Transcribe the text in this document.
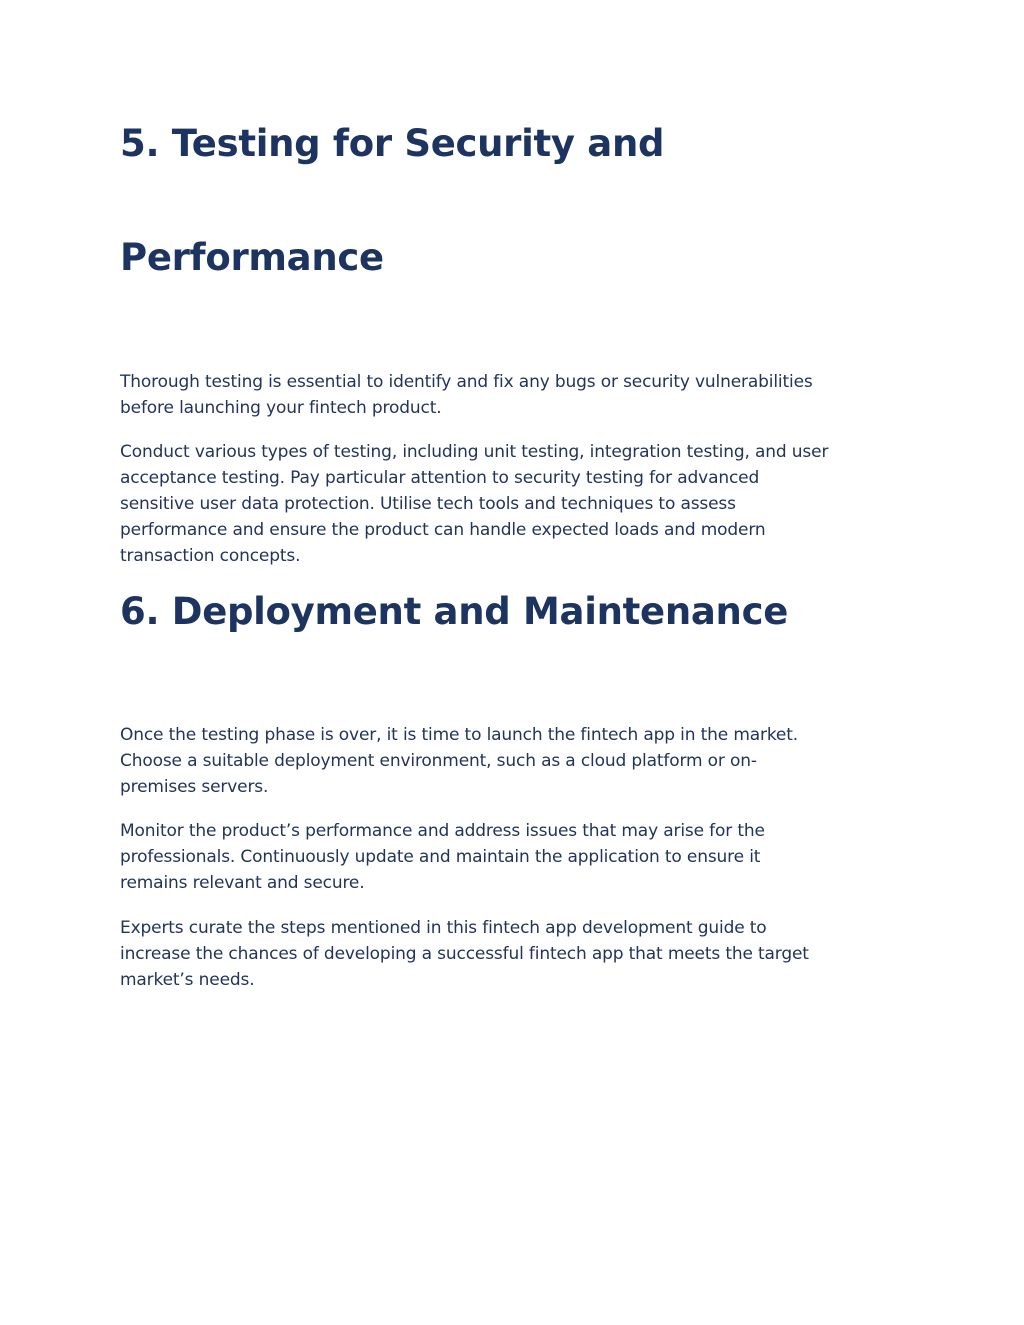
5. Testing for Security and
Performance

Thorough testing is essential to identify and fix any bugs or security vulnerabilities
before launching your fintech product.

Conduct various types of testing, including unit testing, integration testing, and user
acceptance testing. Pay particular attention to security testing for advanced
sensitive user data protection. Utilise tech tools and techniques to assess
performance and ensure the product can handle expected loads and modern
transaction concepts.

6. Deployment and Maintenance

Once the testing phase is over, it is time to launch the fintech app in the market.
Choose a suitable deployment environment, such as a cloud platform or on-
premises servers.

Monitor the product’s performance and address issues that may arise for the
professionals. Continuously update and maintain the application to ensure it
remains relevant and secure.

Experts curate the steps mentioned in this fintech app development guide to
increase the chances of developing a successful fintech app that meets the target
market’s needs.
